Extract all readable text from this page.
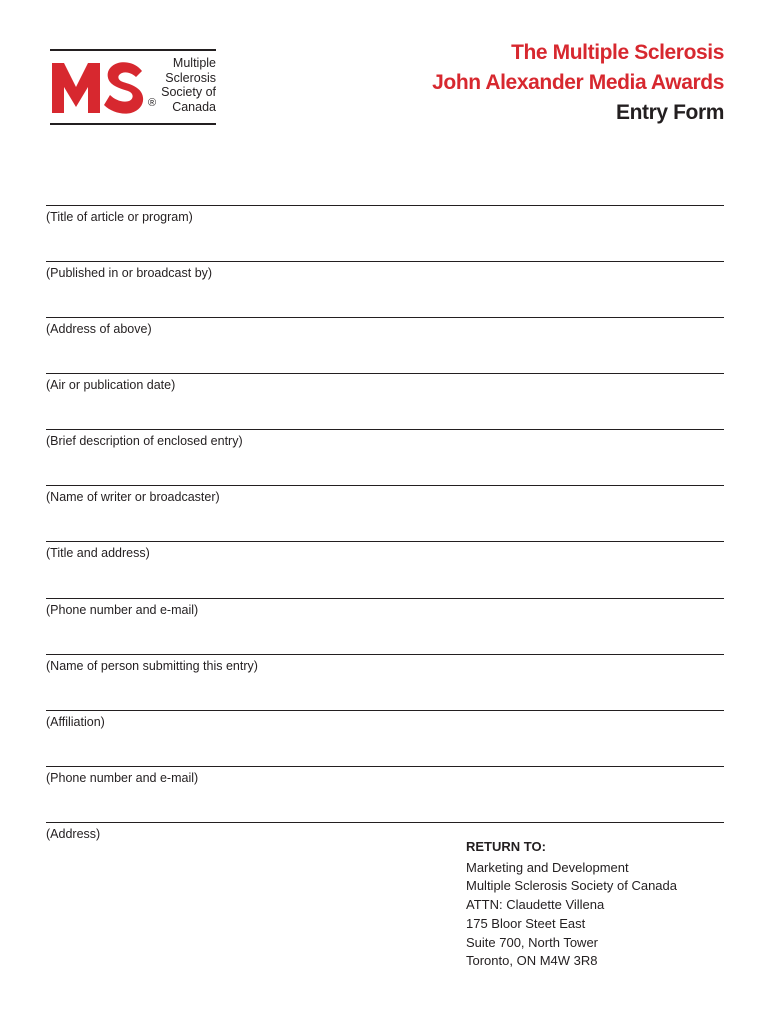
Multiple
Sclerosis
Society of
Canada
®
The Multiple Sclerosis
John Alexander Media Awards
Entry Form
(Title of article or program)
(Published in or broadcast by)
(Address of above)
(Air or publication date)
(Brief description of enclosed entry)
(Name of writer or broadcaster)
(Title and address)
(Phone number and e-mail)
(Name of person submitting this entry)
(Affiliation)
(Phone number and e-mail)
(Address)
RETURN TO:
Marketing and Development
Multiple Sclerosis Society of Canada
ATTN: Claudette Villena
175 Bloor Steet East
Suite 700, North Tower
Toronto, ON M4W 3R8
